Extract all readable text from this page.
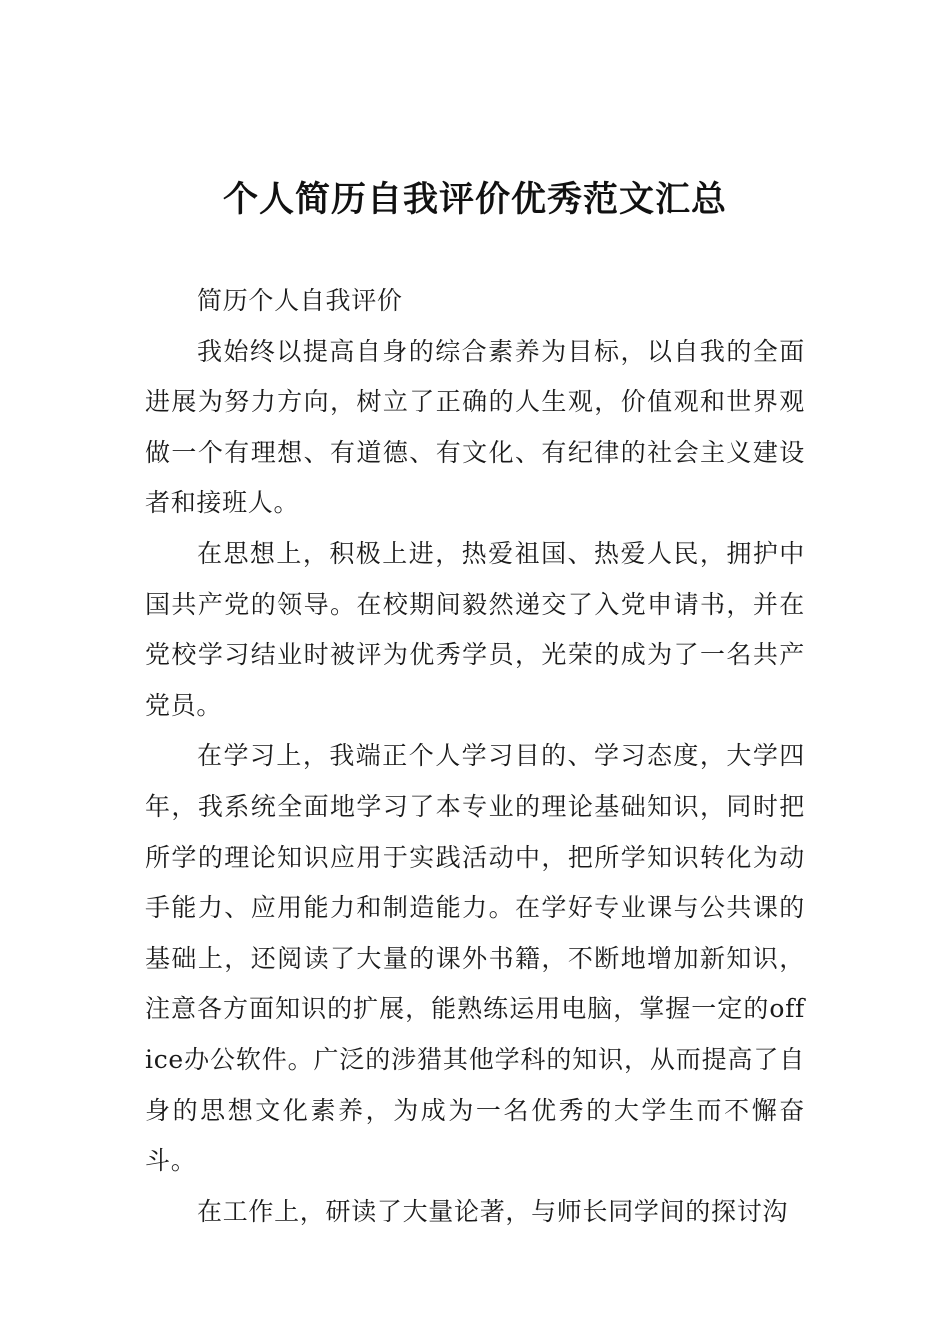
个人简历自我评价优秀范文汇总

简历个人自我评价

我始终以提高自身的综合素养为目标，以自我的全面进展为努力方向，树立了正确的人生观，价值观和世界观做一个有理想、有道德、有文化、有纪律的社会主义建设者和接班人。

在思想上，积极上进，热爱祖国、热爱人民，拥护中国共产党的领导。在校期间毅然递交了入党申请书，并在党校学习结业时被评为优秀学员，光荣的成为了一名共产党员。

在学习上，我端正个人学习目的、学习态度，大学四年，我系统全面地学习了本专业的理论基础知识，同时把所学的理论知识应用于实践活动中，把所学知识转化为动手能力、应用能力和制造能力。在学好专业课与公共课的基础上，还阅读了大量的课外书籍，不断地增加新知识，注意各方面知识的扩展，能熟练运用电脑，掌握一定的office办公软件。广泛的涉猎其他学科的知识，从而提高了自身的思想文化素养，为成为一名优秀的大学生而不懈奋斗。

在工作上，研读了大量论著，与师长同学间的探讨沟
